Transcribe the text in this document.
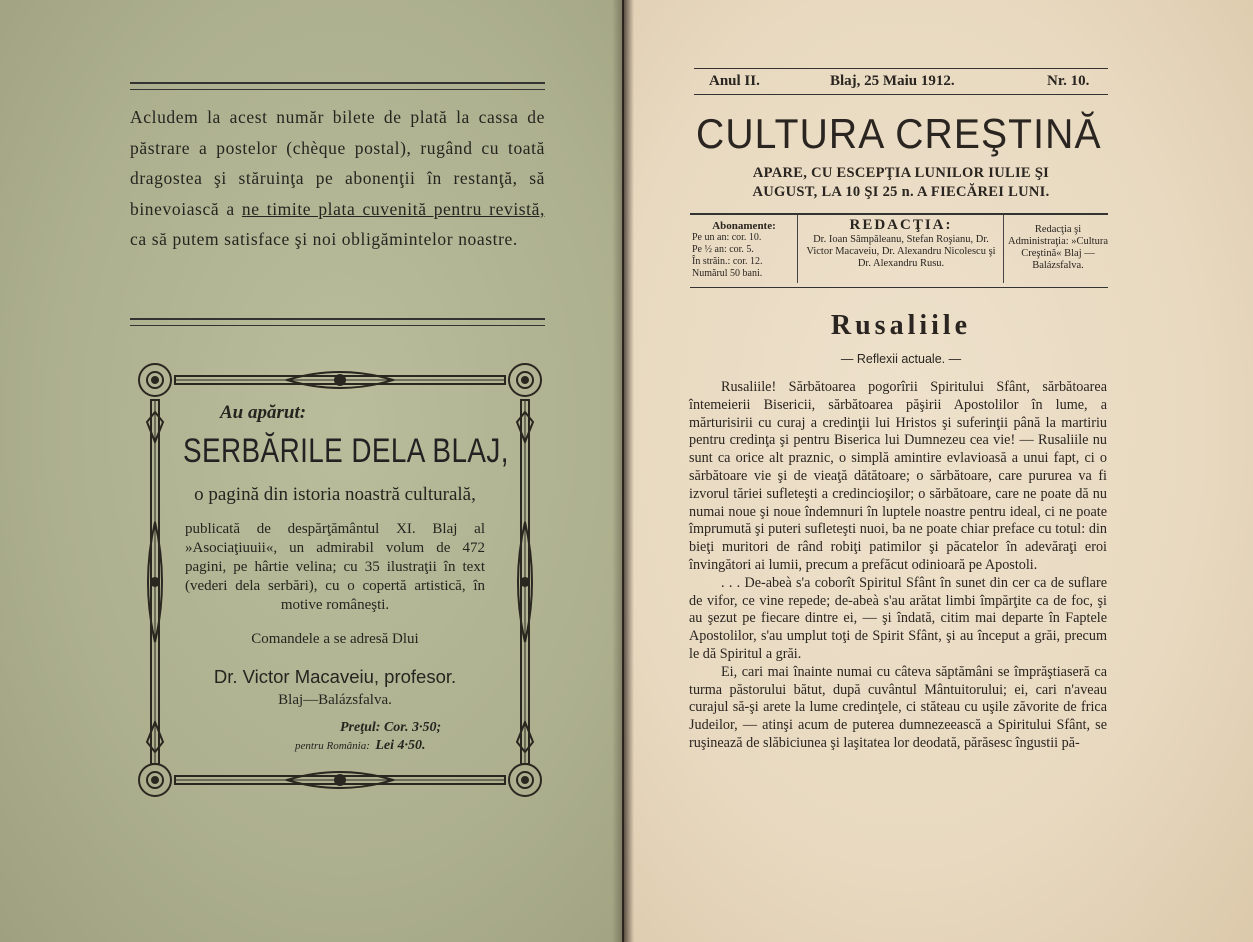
Acludem la acest număr bilete de plată la cassa de păstrare a postelor (chèque postal), rugând cu toată dragostea şi stăruinţa pe abonenţii în restanţă, să binevoiască a ne timite plata cuvenită pentru revistă, ca să putem satisface şi noi obligămintelor noastre.
Au apărut:
SERBĂRILE DELA BLAJ,
o pagină din istoria noastră culturală,
publicată de despărţământul XI. Blaj al »Asociaţiuuii«, un admirabil volum de 472 pagini, pe hârtie velina; cu 35 ilustraţii în text (vederi dela serbări), cu o copertă artistică, în motive româneşti.
Comandele a se adresă Dlui
Dr. Victor Macaveiu, profesor.
Blaj—Balázsfalva.
Preţul: Cor. 3·50;
pentru România: Lei 4·50.
Anul II.	Blaj, 25 Maiu 1912.	Nr. 10.
CULTURA CREŞTINĂ
APARE, CU ESCEPŢIA LUNILOR IULIE ŞI
AUGUST, LA 10 ŞI 25 n. A FIECĂREI LUNI.
Abonamente:
Pe un an: cor. 10.
Pe ½ an: cor. 5.
În străin.: cor. 12.
Numărul 50 bani.
REDACŢIA:
Dr. Ioan Sâmpăleanu, Stefan Roşianu, Dr. Victor Macaveiu, Dr. Alexandru Nicolescu şi Dr. Alexandru Rusu.
Redacţia şi Administraţia: »Cultura Creştină« Blaj — Balázsfalva.
Rusaliile
— Reflexii actuale. —

Rusaliile! Sărbătoarea pogorîrii Spiritului Sfânt, sărbătoarea întemeierii Bisericii, sărbătoarea păşirii Apostolilor în lume, a mărturisirii cu curaj a credinţii lui Hristos şi suferinţii până la martiriu pentru credinţa şi pentru Biserica lui Dumnezeu cea vie! — Rusaliile nu sunt ca orice alt praznic, o simplă amintire evlavioasă a unui fapt, ci o sărbătoare vie şi de vieaţă dătătoare; o sărbătoare, care pururea va fi izvorul tăriei sufleteşti a credincioşilor; o sărbătoare, care ne poate dă nu numai noue şi noue îndemnuri în luptele noastre pentru ideal, ci ne poate împrumută şi puteri sufleteşti nuoi, ba ne poate chiar preface cu totul: din bieţi muritori de rând robiţi patimilor şi păcatelor în adevăraţi eroi învingători ai lumii, precum a prefăcut odinioară pe Apostoli.

. . . De-abeà s'a coborît Spiritul Sfânt în sunet din cer ca de suflare de vifor, ce vine repede; de-abeà s'au arătat limbi împărţite ca de foc, şi au şezut pe fiecare dintre ei, — şi îndată, citim mai departe în Faptele Apostolilor, s'au umplut toţi de Spirit Sfânt, şi au început a grăi, precum le dă Spiritul a grăi.

Ei, cari mai înainte numai cu câteva săptămâni se împrăştiaseră ca turma păstorului bătut, după cuvântul Mântuitorului; ei, cari n'aveau curajul să-şi arete la lume credinţele, ci stăteau cu uşile zăvorite de frica Judeilor, — atinşi acum de puterea dumnezeească a Spiritului Sfânt, se ruşinează de slăbiciunea şi laşitatea lor deodată, părăsesc îngustii pă-
